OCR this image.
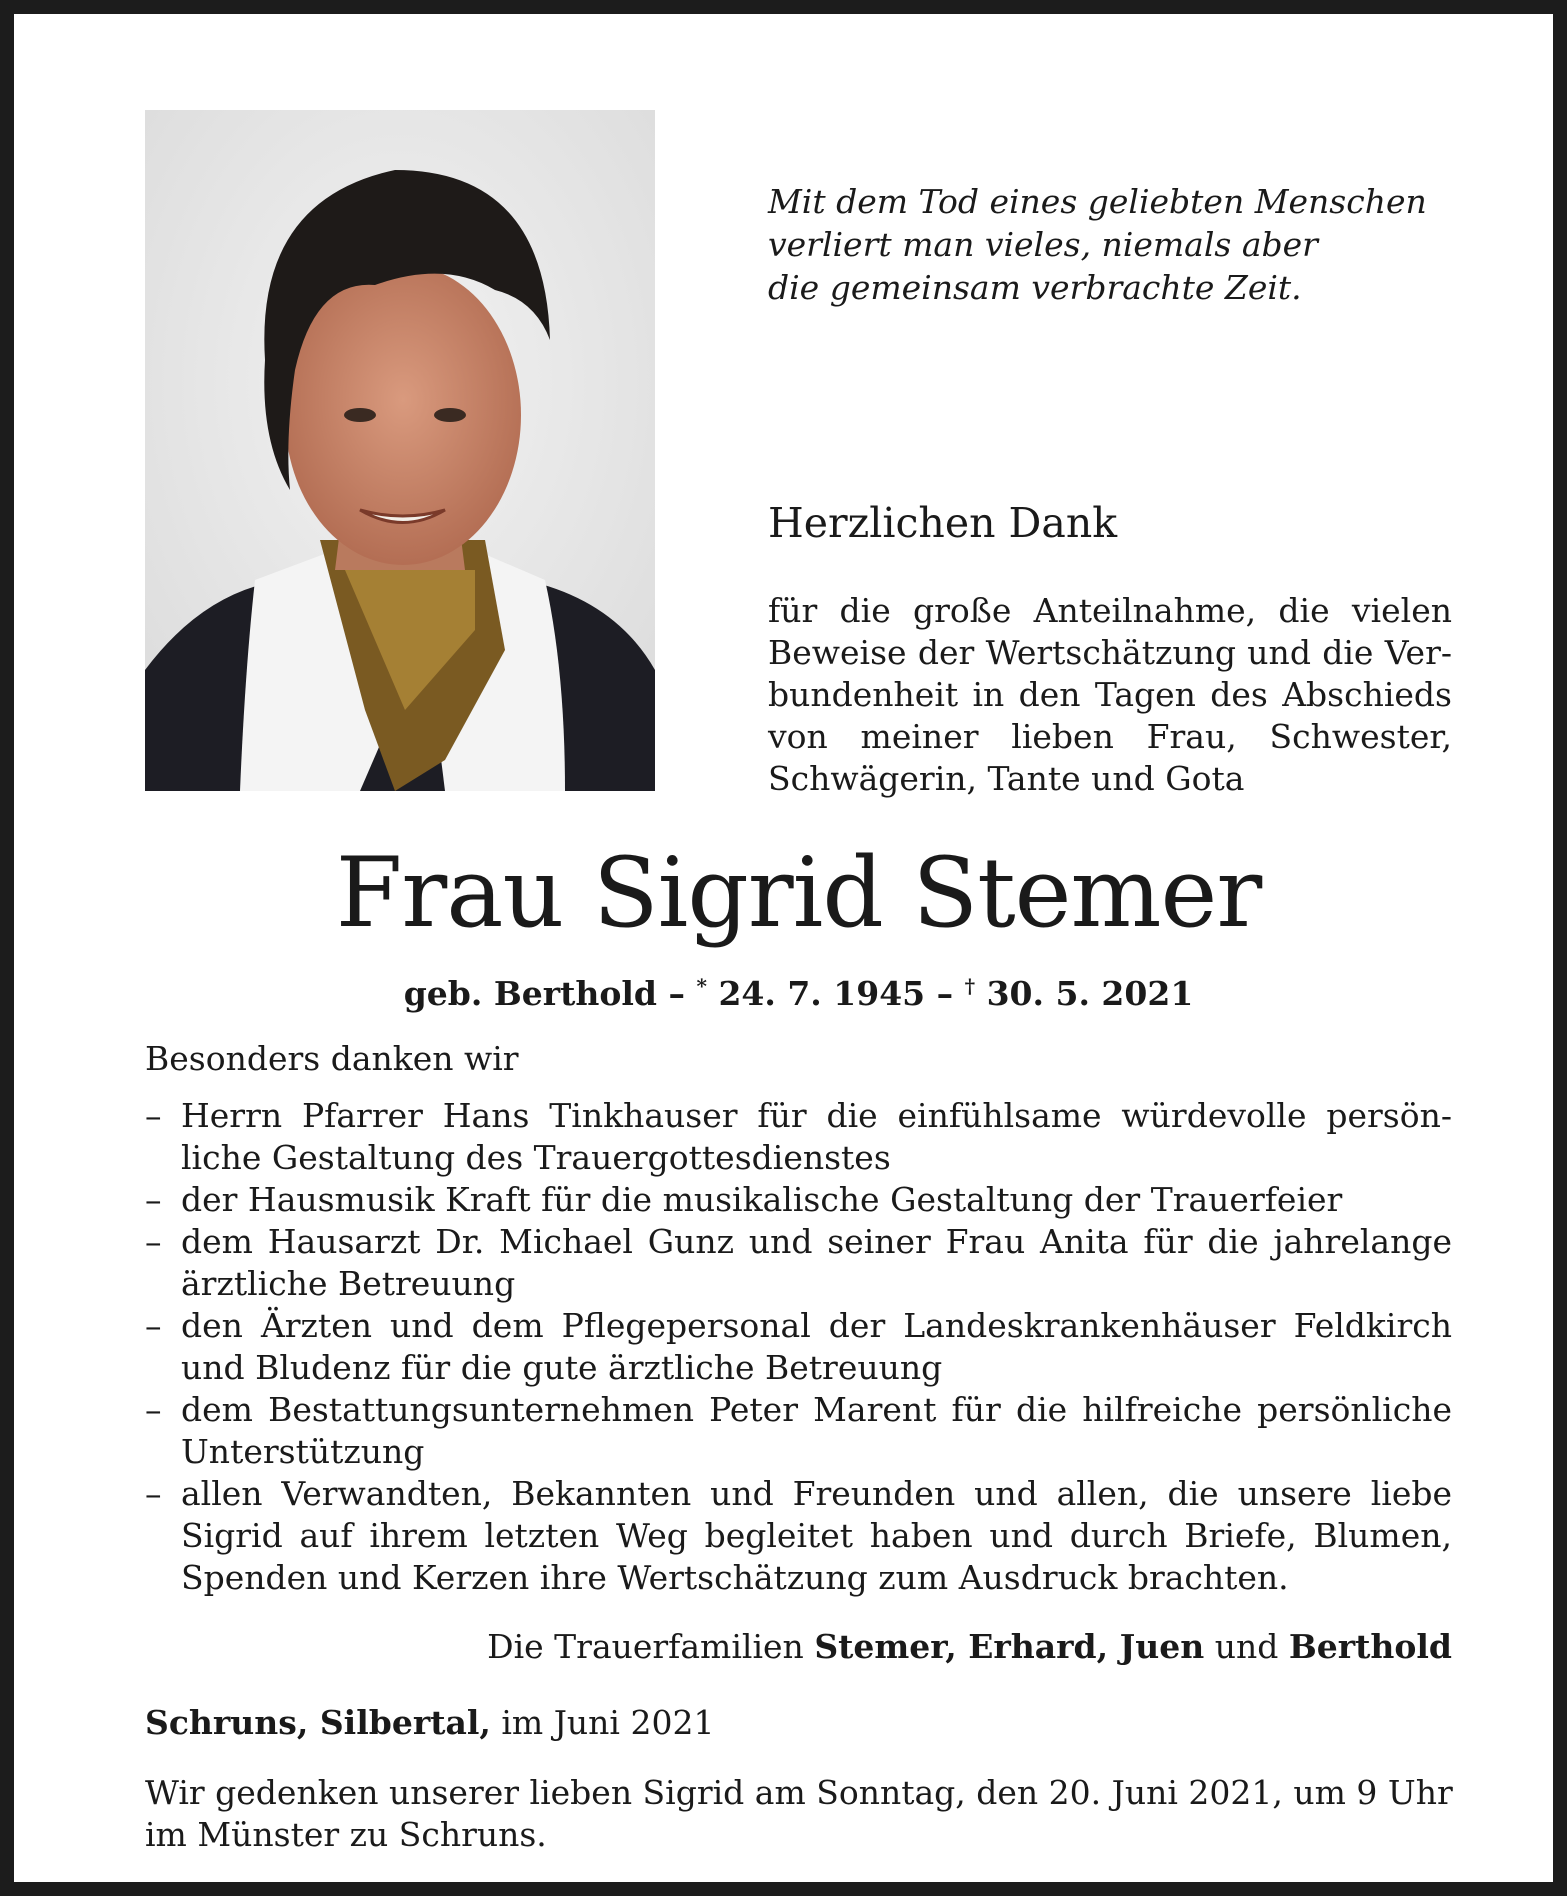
Mit dem Tod eines geliebten Menschen
verliert man vieles, niemals aber
die gemeinsam verbrachte Zeit.
Herzlichen Dank
für die große Anteilnahme, die vielen
Beweise der Wertschätzung und die Ver-
bundenheit in den Tagen des Abschieds
von meiner lieben Frau, Schwester,
Schwägerin, Tante und Gota
Frau Sigrid Stemer
geb. Berthold – * 24. 7. 1945 – † 30. 5. 2021
Besonders danken wir
– Herrn Pfarrer Hans Tinkhauser für die einfühlsame würdevolle persön-
liche Gestaltung des Trauergottesdienstes
– der Hausmusik Kraft für die musikalische Gestaltung der Trauerfeier
– dem Hausarzt Dr. Michael Gunz und seiner Frau Anita für die jahrelange
ärztliche Betreuung
– den Ärzten und dem Pflegepersonal der Landeskrankenhäuser Feldkirch
und Bludenz für die gute ärztliche Betreuung
– dem Bestattungsunternehmen Peter Marent für die hilfreiche persönliche
Unterstützung
– allen Verwandten, Bekannten und Freunden und allen, die unsere liebe
Sigrid auf ihrem letzten Weg begleitet haben und durch Briefe, Blumen,
Spenden und Kerzen ihre Wertschätzung zum Ausdruck brachten.
Die Trauerfamilien Stemer, Erhard, Juen und Berthold
Schruns, Silbertal, im Juni 2021
Wir gedenken unserer lieben Sigrid am Sonntag, den 20. Juni 2021, um 9 Uhr
im Münster zu Schruns.
